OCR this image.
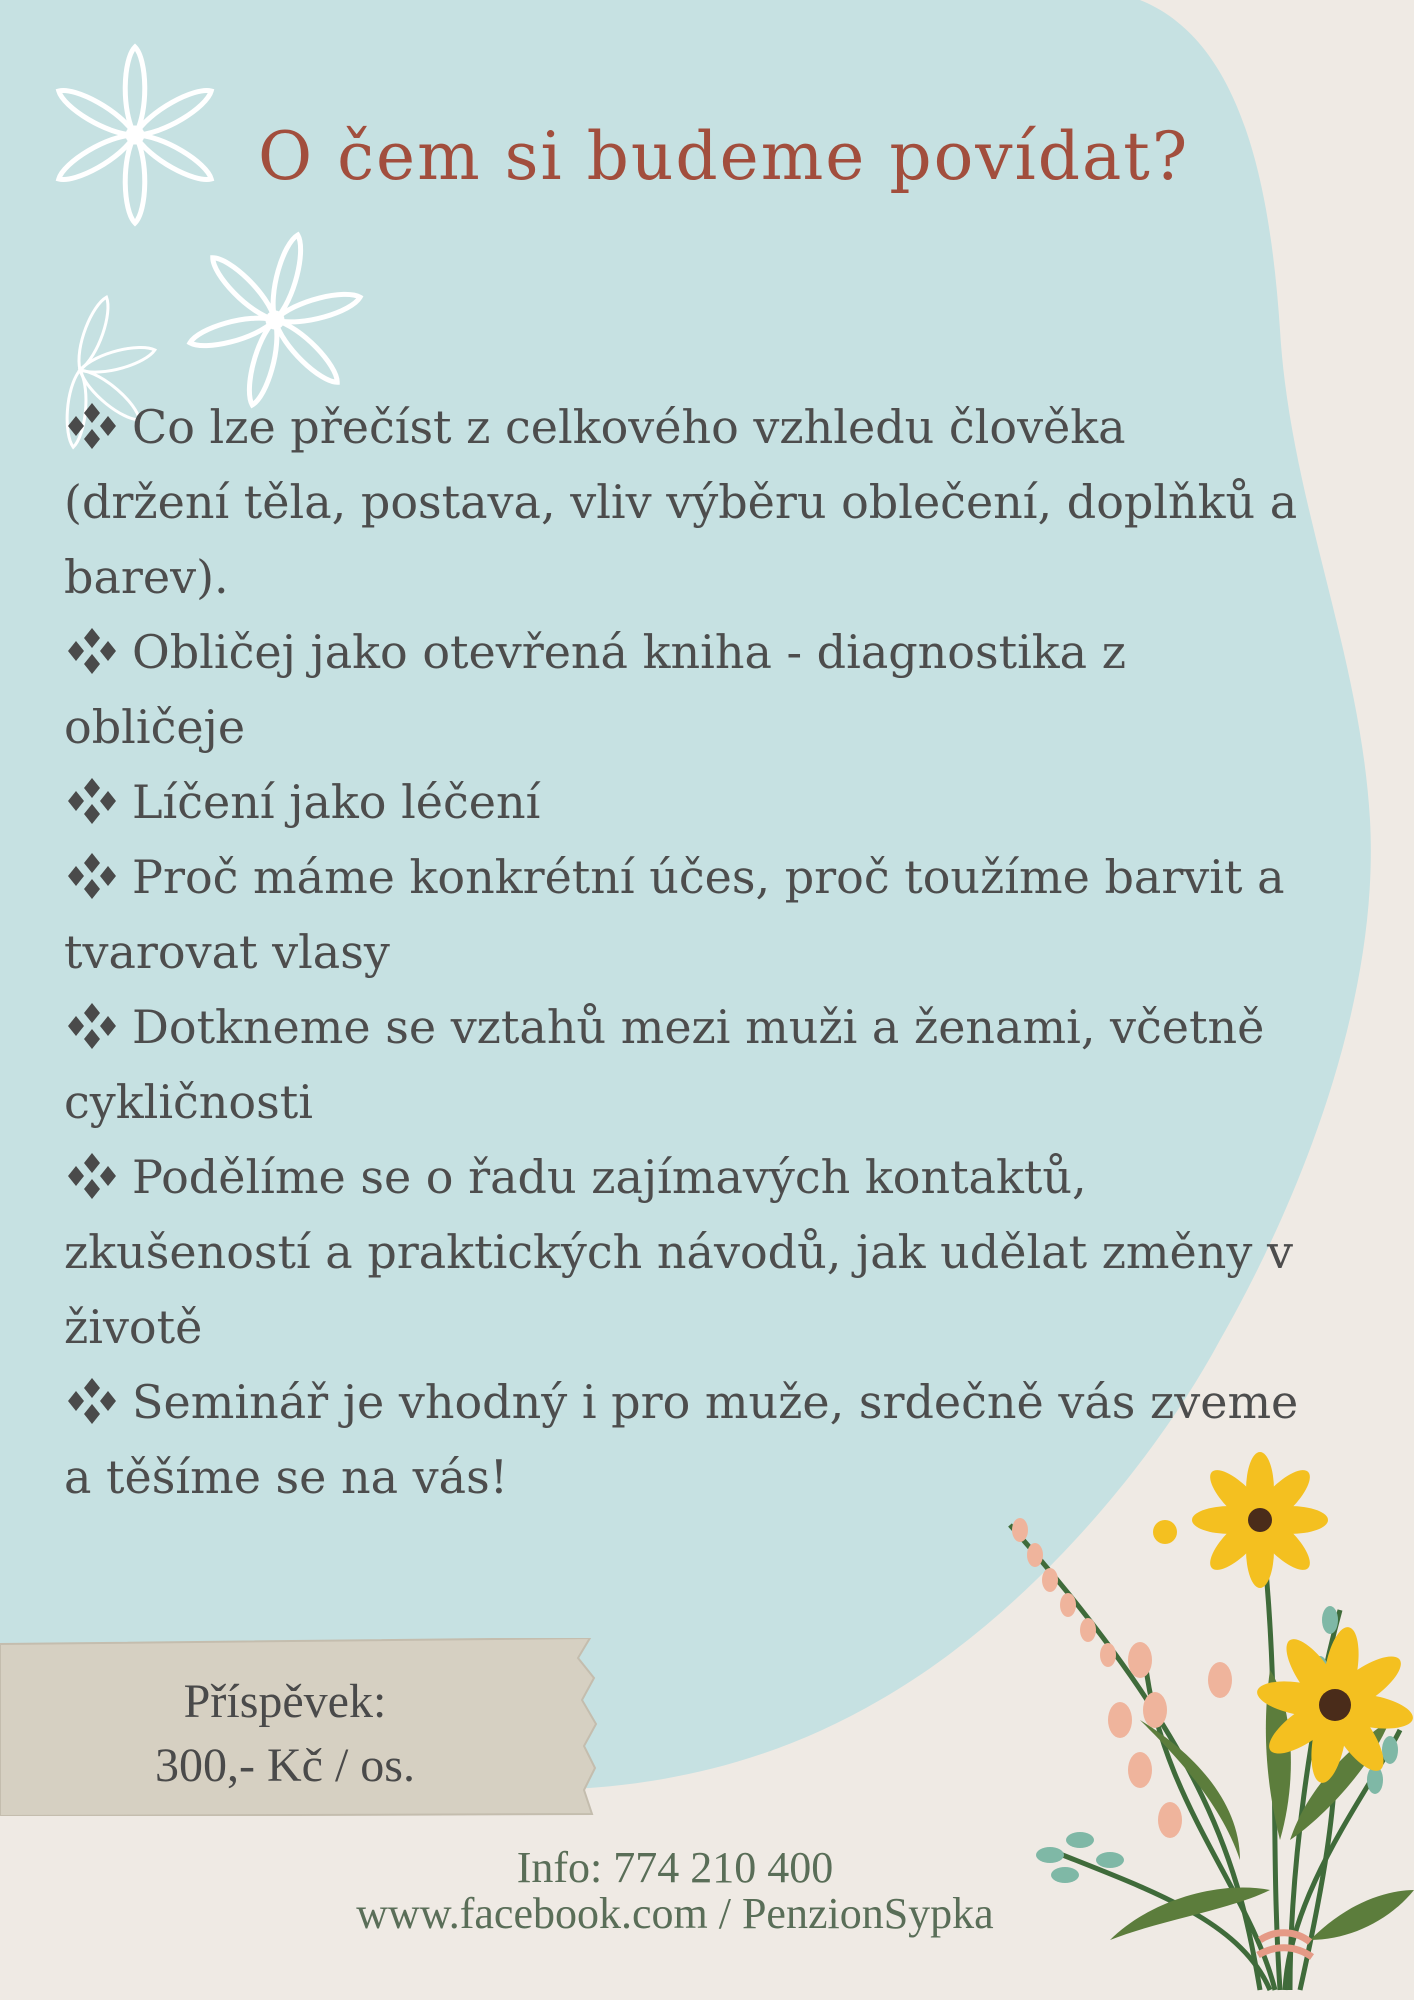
O čem si budeme povídat?
Co lze přečíst z celkového vzhledu člověka (držení těla, postava, vliv výběru oblečení, doplňků a barev).
Obličej jako otevřená kniha - diagnostika z obličeje
Líčení jako léčení
Proč máme konkrétní účes, proč toužíme barvit a tvarovat vlasy
Dotkneme se vztahů mezi muži a ženami, včetně cykličnosti
Podělíme se o řadu zajímavých kontaktů, zkušeností a praktických návodů, jak udělat změny v životě
Seminář je vhodný i pro muže, srdečně vás zveme a těšíme se na vás!
Příspěvek:
300,- Kč / os.
Info: 774 210 400
www.facebook.com / PenzionSypka
